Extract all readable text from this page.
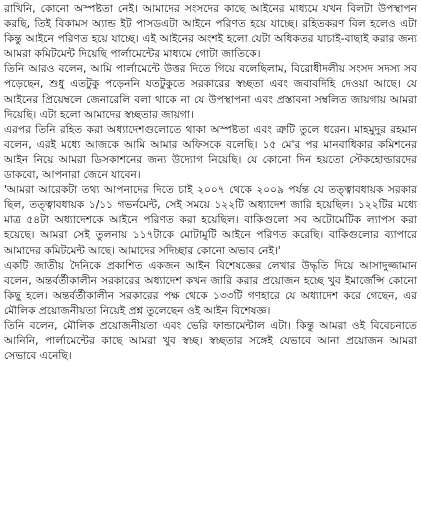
রাখিনি, কোনো অস্পষ্টতা নেই। আমাদের সংসদের কাছে আইনের মাধ্যমে যখন বিলটা উপস্থাপন করছি, তিই বিকামস অ্যান্ড ইট পাসডএটা আইনে পরিণত হয়ে যাচ্ছে। রহিতকরণ বিল হলেও এটা কিন্তু আইনে পরিণত হয়ে যাচ্ছে। এই আইনের অংশই হলো যেটা অধিকতর যাচাই-বাছাই করার জন্য আমরা কমিটমেন্ট দিয়েছি পার্লামেন্টের মাধ্যমে গোটা জাতিকে।

তিনি আরও বলেন, আমি পার্লামেন্টে উত্তর দিতে গিয়ে বলেছিলাম, বিরোধীদলীয় সংসদ সদস্য সব পড়েছেন, শুধু এতটুকু পড়েননি যতটুকুতে সরকারের স্বচ্ছতা এবং জবাবদিহি দেওয়া আছে। যে আইনের প্রিয়েম্বলে জেনারেলি বলা থাকে না যে উপস্থাপনা এবং প্রস্তাবনা সম্বলিত জায়গায় আমরা দিয়েছি। এটা হলো আমাদের স্বচ্ছতার জায়গা।

এরপর তিনি রহিত করা অধ্যাদেশগুলোতে থাকা অস্পষ্টতা এবং ত্রুটি তুলে ধরেন। মাহমুদুর রহমান বলেন, এরই মধ্যে আজকে আমি আমার অফিসকে বলেছি। ১৫ মে'র পর মানবাধিকার কমিশনের আইন নিয়ে আমরা ডিসকাশনের জন্য উদ্যোগ নিয়েছি। যে কোনো দিন হয়তো স্টেকহোল্ডারদের ডাকবো, আপনারা জেনে যাবেন।

'আমরা আরেকটা তথ্য আপনাদের দিতে চাই ২০০৭ থেকে ২০০৯ পর্যন্ত যে তত্ত্বাবধায়ক সরকার ছিল, তত্ত্বাবধায়ক ১/১১ গভর্নমেন্ট, সেই সময়ে ১২২টি অধ্যাদেশ জারি হয়েছিল। ১২২টির মধ্যে মাত্র ৫৪টা অধ্যাদেশকে আইনে পরিণত করা হয়েছিল। বাকিগুলো সব অটোমেটিক ল্যাপস করা হয়েছে। আমরা সেই তুলনায় ১১৭টাকে মোটামুটি আইনে পরিণত করেছি। বাকিগুলোর ব্যাপারে আমাদের কমিটমেন্ট আছে। আমাদের সদিচ্ছার কোনো অভাব নেই।'

একটি জাতীয় দৈনিকে প্রকাশিত একজন আইন বিশেষজ্ঞের লেখার উদ্ধৃতি দিয়ে আসাদুজ্জামান বলেন, অন্তর্বর্তীকালীন সরকারের অধ্যাদেশ কখন জারি করার প্রয়োজন হচ্ছে খুব ইমার্জেন্সি কোনো কিছু হলে। অন্তর্বর্তীকালীন সরকারের পক্ষ থেকে ১৩৩টি গণহারে যে অধ্যাদেশ করে গেছেন, এর মৌলিক প্রয়োজনীয়তা নিয়েই প্রশ্ন তুলেছেন ওই আইন বিশেষজ্ঞ।

তিনি বলেন, মৌলিক প্রয়োজনীয়তা এবং ভেরি ফান্ডামেন্টাল এটা। কিন্তু আমরা ওই বিবেচনাতে আনিনি, পার্লামেন্টের কাছে আমরা খুব স্বচ্ছ। স্বচ্ছতার সঙ্গেই যেভাবে আনা প্রয়োজন আমরা সেভাবে এনেছি।
